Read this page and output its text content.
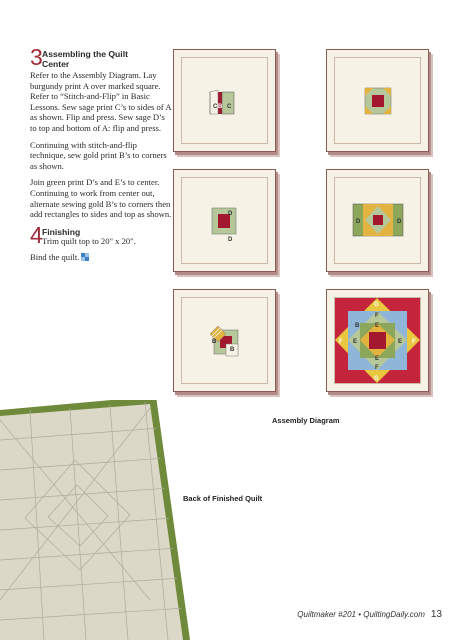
3 Assembling the Quilt Center

Refer to the Assembly Diagram. Lay burgundy print A over marked square. Refer to “Stitch-and-Flip” in Basic Lessons. Sew sage print C’s to sides of A as shown. Flip and press. Sew sage D’s to top and bottom of A: flip and press.

Continuing with stitch-and-flip technique, sew gold print B’s to corners as shown.

Join green print D’s and E’s to center. Continuing to work from center out, alternate sewing gold B’s to corners then add rectangles to sides and top as shown.

4 Finishing

Trim quilt top to 20" x 20".

Bind the quilt.

C B C
D
D
D	D
B
B
G
F
E
B
F E	E F
E
F
G
Assembly Diagram
Back of Finished Quilt
Quiltmaker #201 • QuiltingDaily.com 13
